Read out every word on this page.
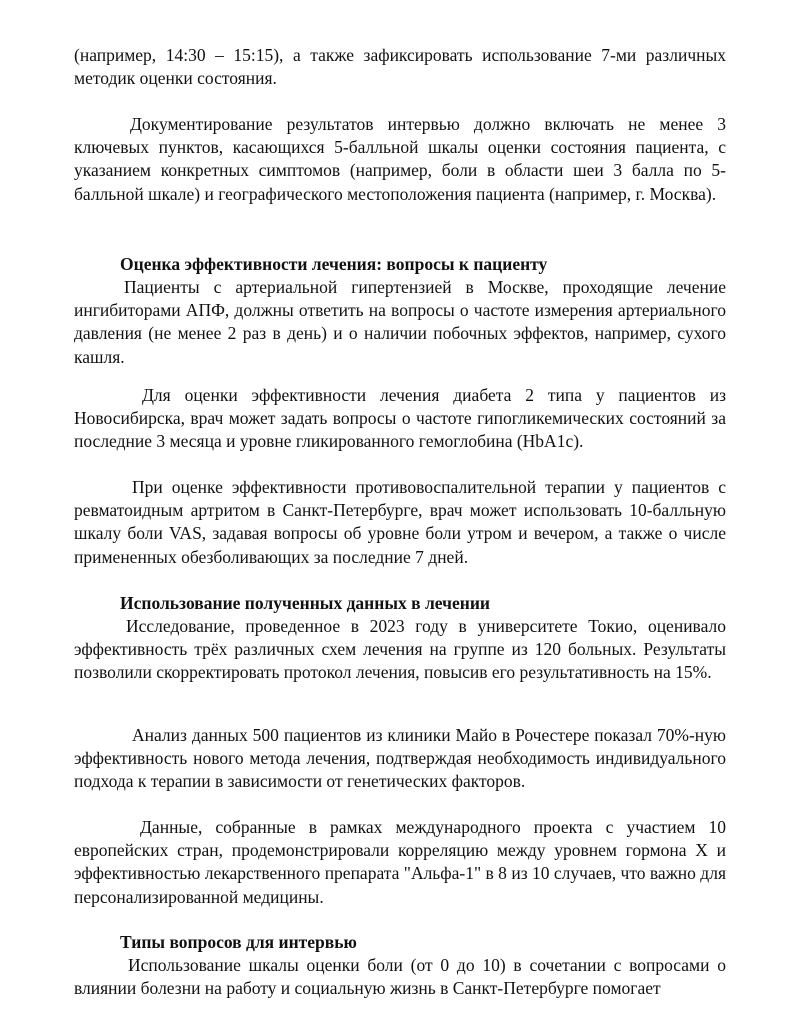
(например, 14:30 – 15:15), а также зафиксировать использование 7-ми различных методик оценки состояния.

Документирование результатов интервью должно включать не менее 3 ключевых пунктов, касающихся 5-балльной шкалы оценки состояния пациента, с указанием конкретных симптомов (например, боли в области шеи 3 балла по 5-балльной шкале) и географического местоположения пациента (например, г. Москва).

Оценка эффективности лечения: вопросы к пациенту

Пациенты с артериальной гипертензией в Москве, проходящие лечение ингибиторами АПФ, должны ответить на вопросы о частоте измерения артериального давления (не менее 2 раз в день) и о наличии побочных эффектов, например, сухого кашля.

Для оценки эффективности лечения диабета 2 типа у пациентов из Новосибирска, врач может задать вопросы о частоте гипогликемических состояний за последние 3 месяца и уровне гликированного гемоглобина (HbA1c).

При оценке эффективности противовоспалительной терапии у пациентов с ревматоидным артритом в Санкт-Петербурге, врач может использовать 10-балльную шкалу боли VAS, задавая вопросы об уровне боли утром и вечером, а также о числе примененных обезболивающих за последние 7 дней.

Использование полученных данных в лечении

Исследование, проведенное в 2023 году в университете Токио, оценивало эффективность трёх различных схем лечения на группе из 120 больных. Результаты позволили скорректировать протокол лечения, повысив его результативность на 15%.

Анализ данных 500 пациентов из клиники Майо в Рочестере показал 70%-ную эффективность нового метода лечения, подтверждая необходимость индивидуального подхода к терапии в зависимости от генетических факторов.

Данные, собранные в рамках международного проекта с участием 10 европейских стран, продемонстрировали корреляцию между уровнем гормона X и эффективностью лекарственного препарата "Альфа-1" в 8 из 10 случаев, что важно для персонализированной медицины.

Типы вопросов для интервью

Использование шкалы оценки боли (от 0 до 10) в сочетании с вопросами о влиянии болезни на работу и социальную жизнь в Санкт-Петербурге помогает
